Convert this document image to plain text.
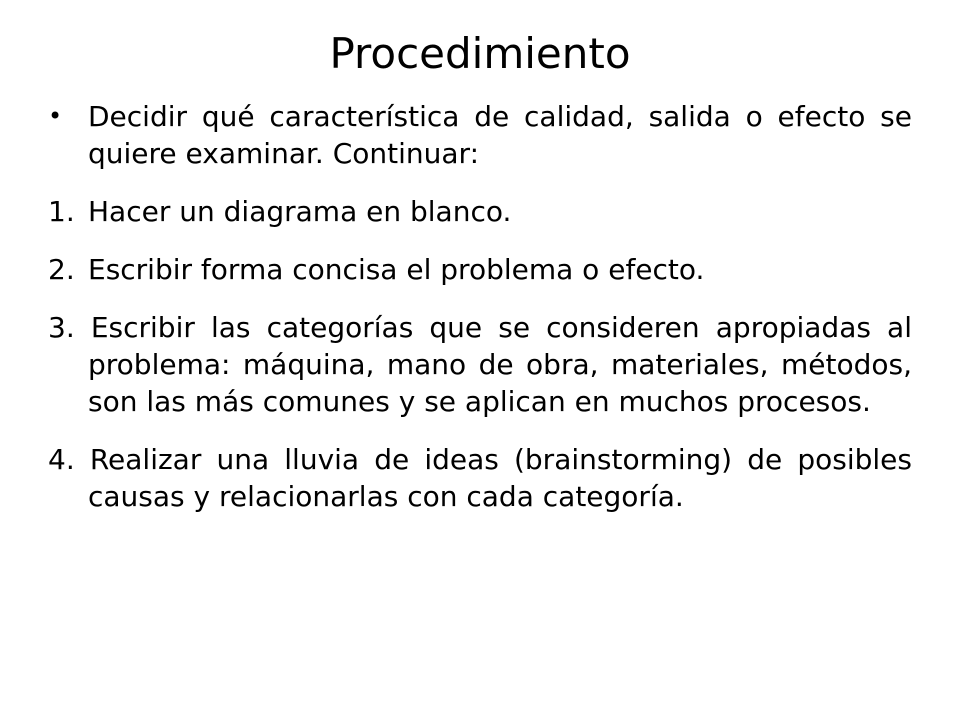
Procedimiento
• Decidir qué característica de calidad, salida o efecto se quiere examinar. Continuar:
1. Hacer un diagrama en blanco.
2. Escribir forma concisa el problema o efecto.
3. Escribir las categorías que se consideren apropiadas al problema: máquina, mano de obra, materiales, métodos, son las más comunes y se aplican en muchos procesos.
4. Realizar una lluvia de ideas (brainstorming) de posibles causas y relacionarlas con cada categoría.
